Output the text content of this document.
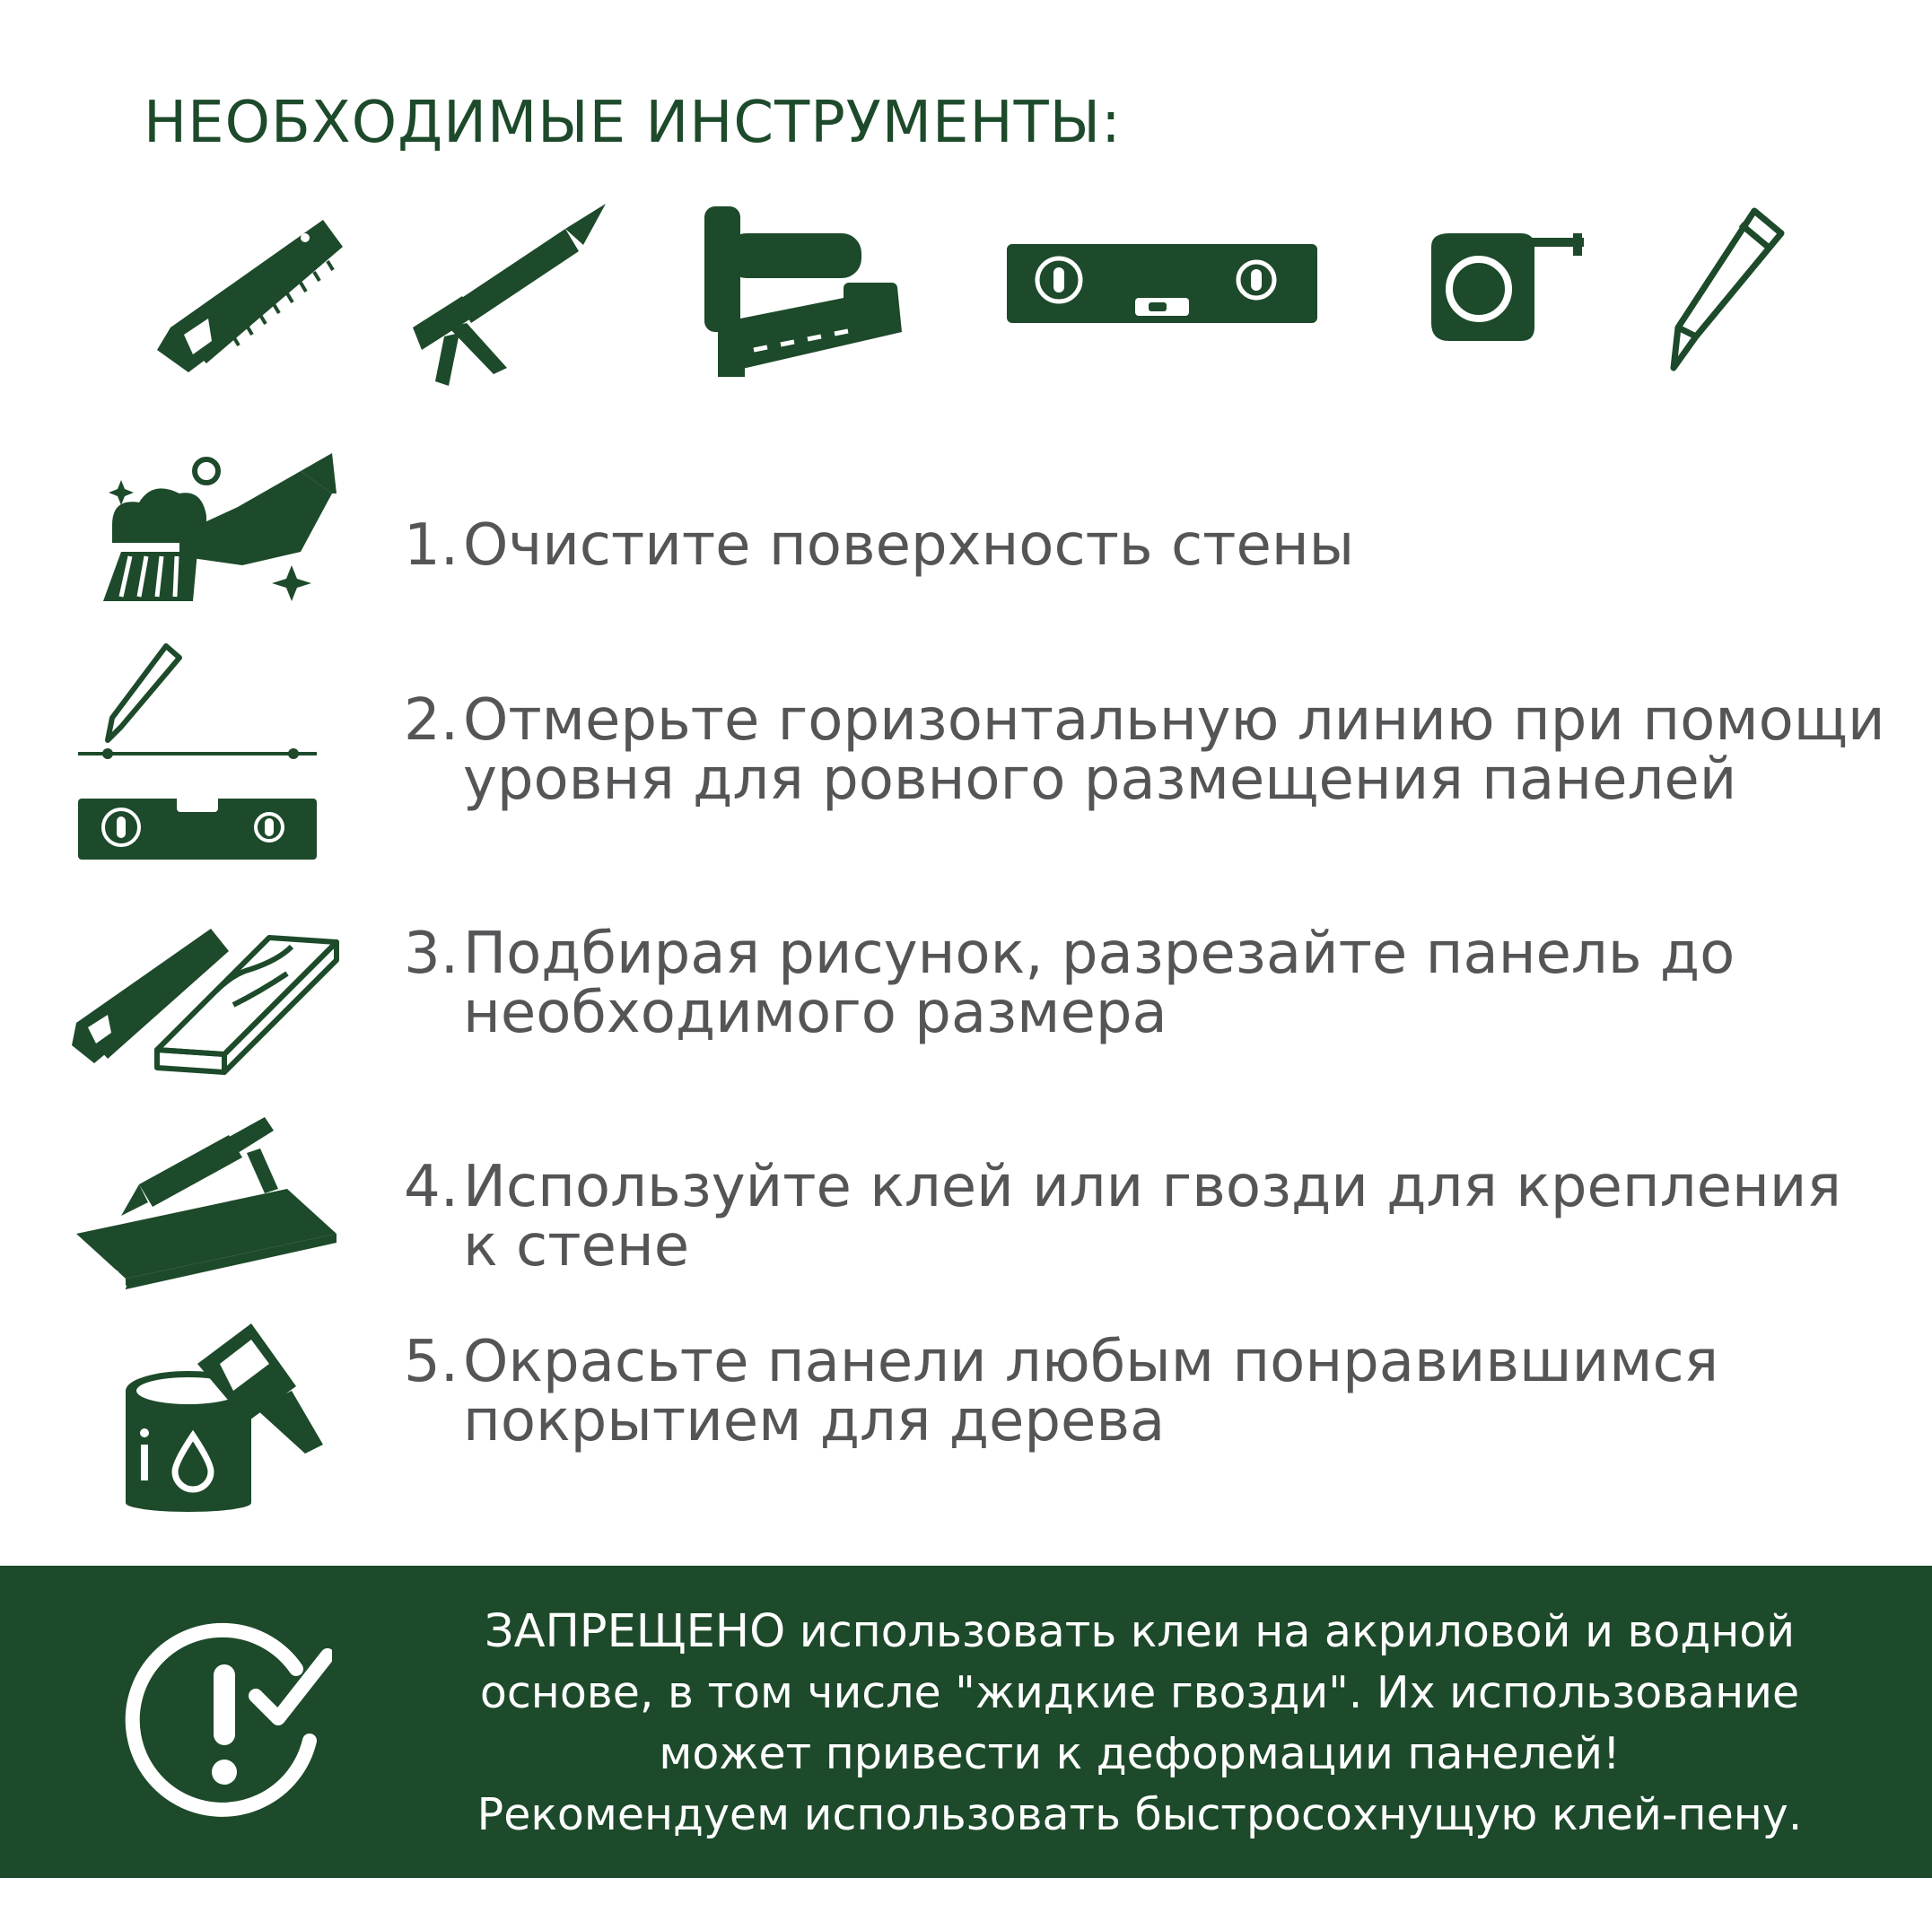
НЕОБХОДИМЫЕ ИНСТРУМЕНТЫ:
1.Очистите поверхность стены
2.Отмерьте горизонтальную линию при помощи
уровня для ровного размещения панелей
3.Подбирая рисунок, разрезайте панель до
необходимого размера
4.Используйте клей или гвозди для крепления
к стене
5.Окрасьте панели любым понравившимся
покрытием для дерева
ЗАПРЕЩЕНО использовать клеи на акриловой и водной
основе, в том числе "жидкие гвозди". Их использование
может привести к деформации панелей!
Рекомендуем использовать быстросохнущую клей-пену.
